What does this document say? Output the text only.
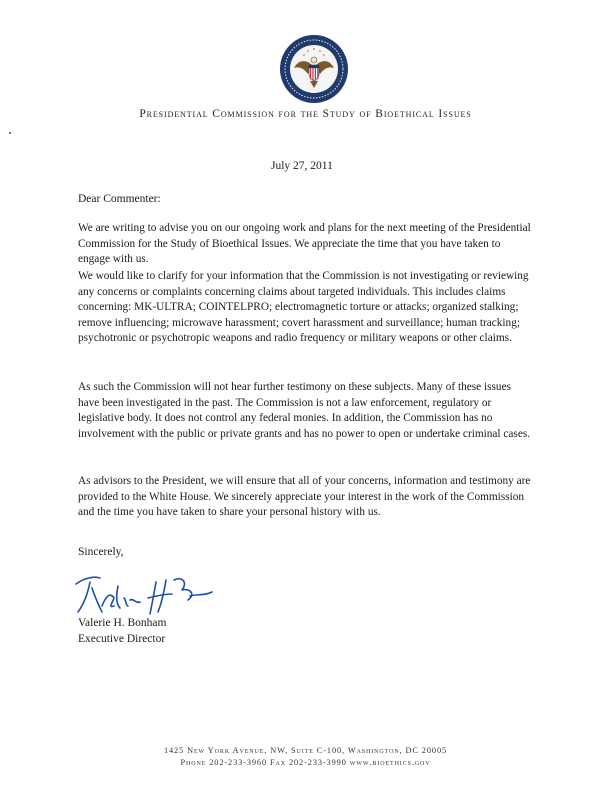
Presidential Commission for the Study of Bioethical Issues
July 27, 2011
Dear Commenter:

We are writing to advise you on our ongoing work and plans for the next meeting of the Presidential Commission for the Study of Bioethical Issues. We appreciate the time that you have taken to engage with us.

We would like to clarify for your information that the Commission is not investigating or reviewing any concerns or complaints concerning claims about targeted individuals. This includes claims concerning: MK-ULTRA; COINTELPRO; electromagnetic torture or attacks; organized stalking; remove influencing; microwave harassment; covert harassment and surveillance; human tracking; psychotronic or psychotropic weapons and radio frequency or military weapons or other claims.

As such the Commission will not hear further testimony on these subjects. Many of these issues have been investigated in the past. The Commission is not a law enforcement, regulatory or legislative body. It does not control any federal monies. In addition, the Commission has no involvement with the public or private grants and has no power to open or undertake criminal cases.

As advisors to the President, we will ensure that all of your concerns, information and testimony are provided to the White House. We sincerely appreciate your interest in the work of the Commission and the time you have taken to share your personal history with us.

Sincerely,
Valerie H. Bonham
Executive Director
1425 New York Avenue, NW, Suite C-100, Washington, DC 20005
Phone 202-233-3960 Fax 202-233-3990 www.bioethics.gov
